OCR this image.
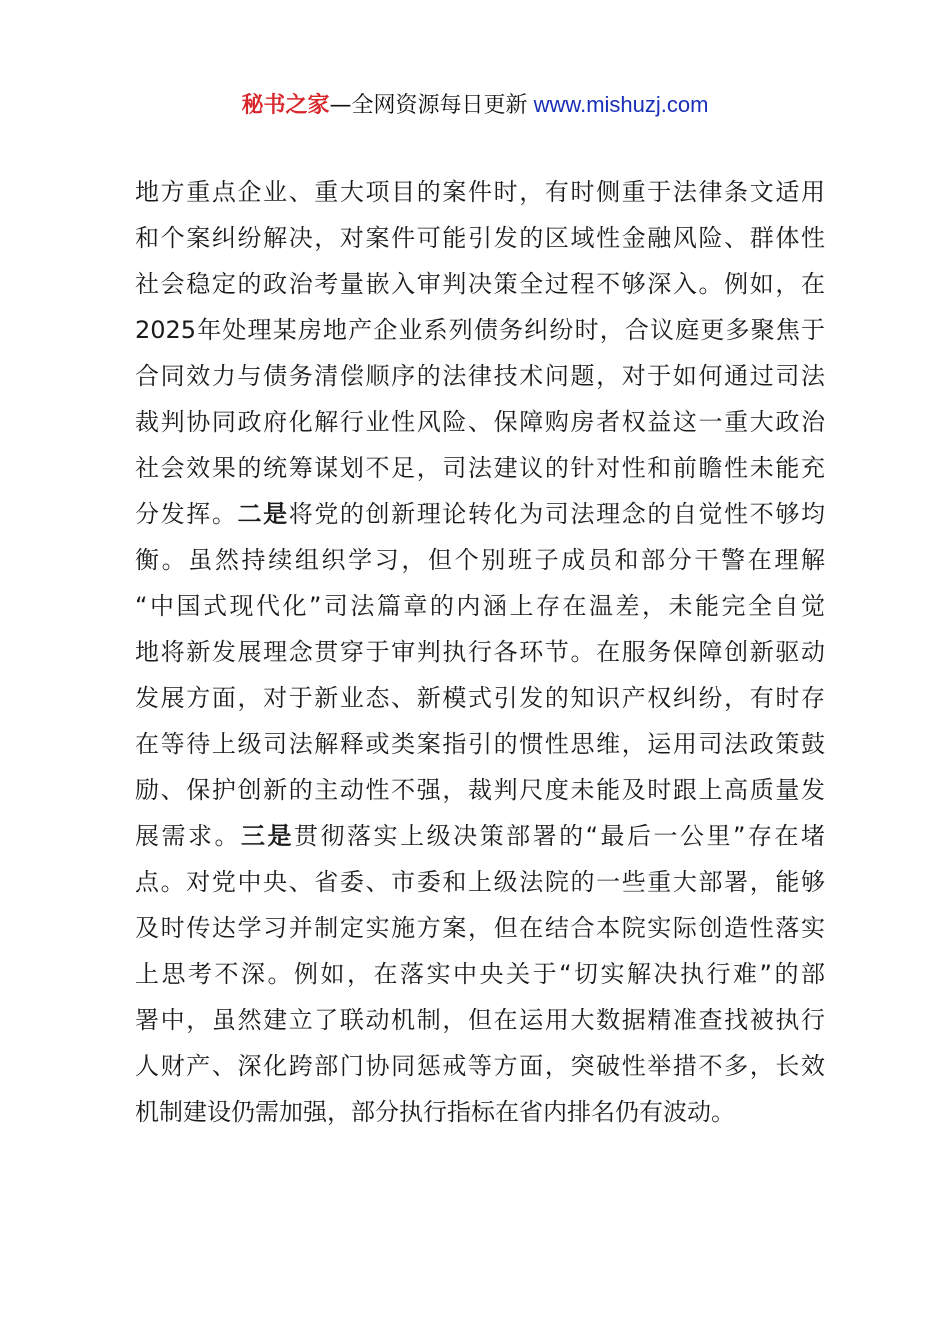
秘书之家—全网资源每日更新 www.mishuzj.com
地方重点企业、重大项目的案件时，有时侧重于法律条文适用
和个案纠纷解决，对案件可能引发的区域性金融风险、群体性
社会稳定的政治考量嵌入审判决策全过程不够深入。例如，在
2025年处理某房地产企业系列债务纠纷时，合议庭更多聚焦于
合同效力与债务清偿顺序的法律技术问题，对于如何通过司法
裁判协同政府化解行业性风险、保障购房者权益这一重大政治
社会效果的统筹谋划不足，司法建议的针对性和前瞻性未能充
分发挥。二是将党的创新理论转化为司法理念的自觉性不够均
衡。虽然持续组织学习，但个别班子成员和部分干警在理解
“中国式现代化”司法篇章的内涵上存在温差，未能完全自觉
地将新发展理念贯穿于审判执行各环节。在服务保障创新驱动
发展方面，对于新业态、新模式引发的知识产权纠纷，有时存
在等待上级司法解释或类案指引的惯性思维，运用司法政策鼓
励、保护创新的主动性不强，裁判尺度未能及时跟上高质量发
展需求。三是贯彻落实上级决策部署的“最后一公里”存在堵
点。对党中央、省委、市委和上级法院的一些重大部署，能够
及时传达学习并制定实施方案，但在结合本院实际创造性落实
上思考不深。例如，在落实中央关于“切实解决执行难”的部
署中，虽然建立了联动机制，但在运用大数据精准查找被执行
人财产、深化跨部门协同惩戒等方面，突破性举措不多，长效
机制建设仍需加强，部分执行指标在省内排名仍有波动。
